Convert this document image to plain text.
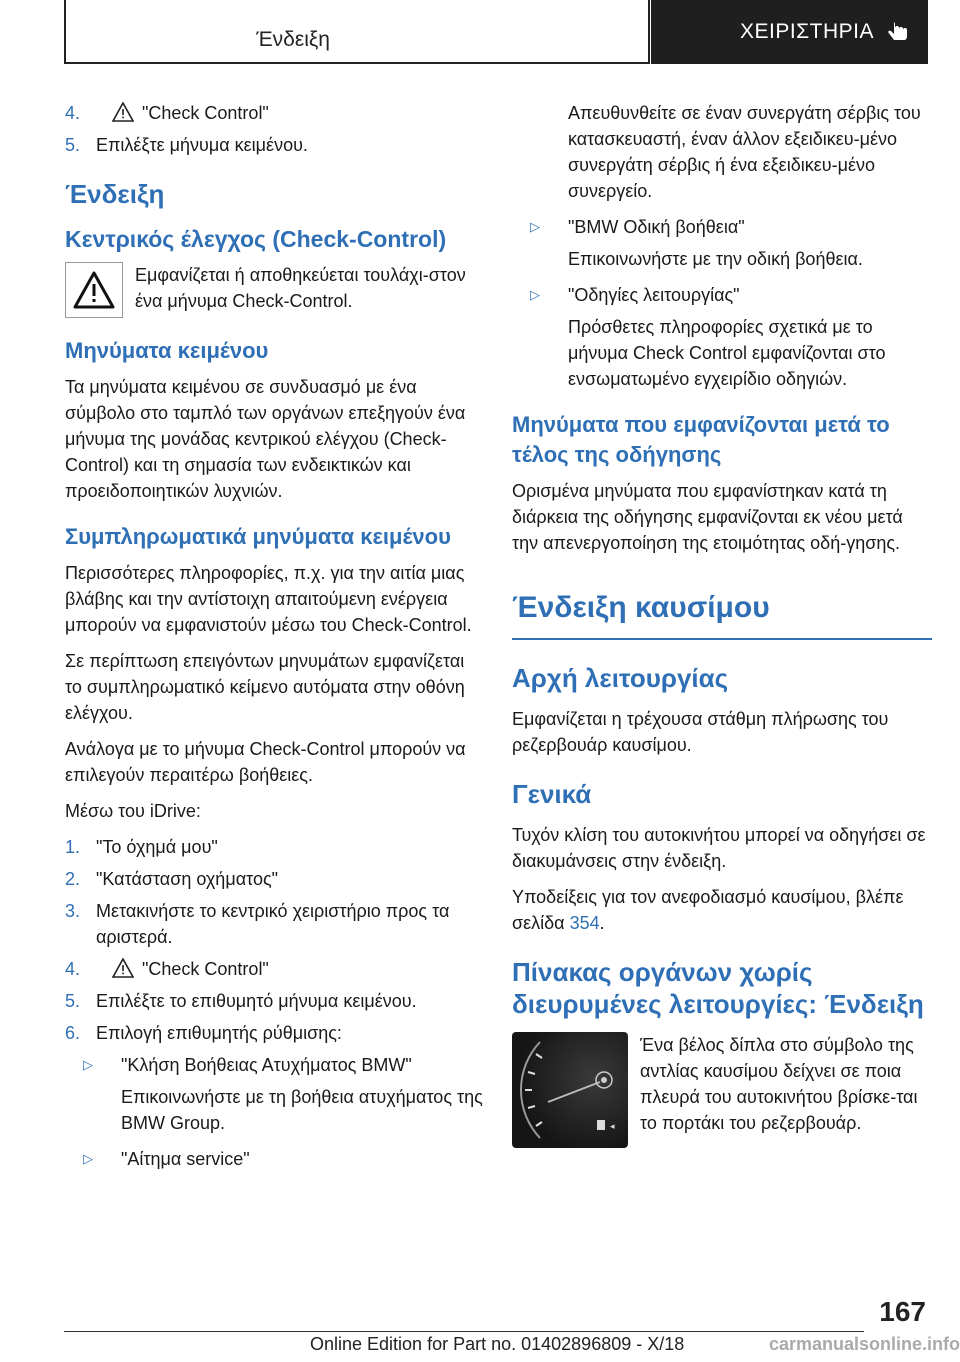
Ένδειξη	ΧΕΙΡΙΣΤΗΡΙΑ
4.	"Check Control"
5. Επιλέξτε μήνυμα κειμένου.
Ένδειξη
Κεντρικός έλεγχος (Check-Control)
Εμφανίζεται ή αποθηκεύεται τουλάχι-στον ένα μήνυμα Check-Control.
Μηνύματα κειμένου
Τα μηνύματα κειμένου σε συνδυασμό με ένα σύμβολο στο ταμπλό των οργάνων επεξηγούν ένα μήνυμα της μονάδας κεντρικού ελέγχου (Check-Control) και τη σημασία των ενδεικτικών και προειδοποιητικών λυχνιών.
Συμπληρωματικά μηνύματα κειμένου
Περισσότερες πληροφορίες, π.χ. για την αιτία μιας βλάβης και την αντίστοιχη απαιτούμενη ενέργεια μπορούν να εμφανιστούν μέσω του Check-Control.
Σε περίπτωση επειγόντων μηνυμάτων εμφανίζεται το συμπληρωματικό κείμενο αυτόματα στην οθόνη ελέγχου.
Ανάλογα με το μήνυμα Check-Control μπορούν να επιλεγούν περαιτέρω βοήθειες.
Μέσω του iDrive:
1. "Το όχημά μου"
2. "Κατάσταση οχήματος"
3. Μετακινήστε το κεντρικό χειριστήριο προς τα αριστερά.
4.	"Check Control"
5. Επιλέξτε το επιθυμητό μήνυμα κειμένου.
6. Επιλογή επιθυμητής ρύθμισης:
▷	"Κλήση Βοήθειας Ατυχήματος BMW"
Επικοινωνήστε με τη βοήθεια ατυχήματος της BMW Group.
▷	"Αίτημα service"
Απευθυνθείτε σε έναν συνεργάτη σέρβις του κατασκευαστή, έναν άλλον εξειδικευ-μένο συνεργάτη σέρβις ή ένα εξειδικευ-μένο συνεργείο.
▷	"BMW Οδική βοήθεια"
Επικοινωνήστε με την οδική βοήθεια.
▷	"Οδηγίες λειτουργίας"
Πρόσθετες πληροφορίες σχετικά με το μήνυμα Check Control εμφανίζονται στο ενσωματωμένο εγχειρίδιο οδηγιών.
Μηνύματα που εμφανίζονται μετά το τέλος της οδήγησης
Ορισμένα μηνύματα που εμφανίστηκαν κατά τη διάρκεια της οδήγησης εμφανίζονται εκ νέου μετά την απενεργοποίηση της ετοιμότητας οδή-γησης.
Ένδειξη καυσίμου
Αρχή λειτουργίας
Εμφανίζεται η τρέχουσα στάθμη πλήρωσης του ρεζερβουάρ καυσίμου.
Γενικά
Τυχόν κλίση του αυτοκινήτου μπορεί να οδηγήσει σε διακυμάνσεις στην ένδειξη.
Υποδείξεις για τον ανεφοδιασμό καυσίμου, βλέπε σελίδα 354.
Πίνακας οργάνων χωρίς διευρυμένες λειτουργίες: Ένδειξη
◂
Ένα βέλος δίπλα στο σύμβολο της αντλίας καυσίμου δείχνει σε ποια πλευρά του αυτοκινήτου βρίσκε-ται το πορτάκι του ρεζερβουάρ.
167
Online Edition for Part no. 01402896809 - X/18	carmanualsonline.info
